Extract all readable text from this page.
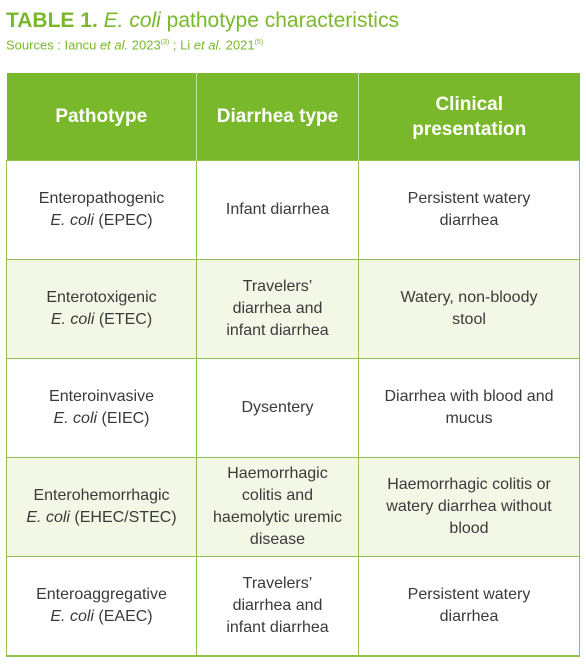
TABLE 1. E. coli pathotype characteristics
Sources : Iancu et al. 2023$^{(3)}$ ; Li et al. 2021$^{(5)}$
Pathotype	Diarrhea type	Clinical presentation
Enteropathogenic
E. coli (EPEC)	Infant diarrhea	Persistent watery diarrhea
Enterotoxigenic
E. coli (ETEC)	Travelers’ diarrhea and infant diarrhea	Watery, non-bloody stool
Enteroinvasive
E. coli (EIEC)	Dysentery	Diarrhea with blood and mucus
Enterohemorrhagic
E. coli (EHEC/STEC)	Haemorrhagic colitis and haemolytic uremic disease	Haemorrhagic colitis or watery diarrhea without blood
Enteroaggregative
E. coli (EAEC)	Travelers’ diarrhea and infant diarrhea	Persistent watery diarrhea
